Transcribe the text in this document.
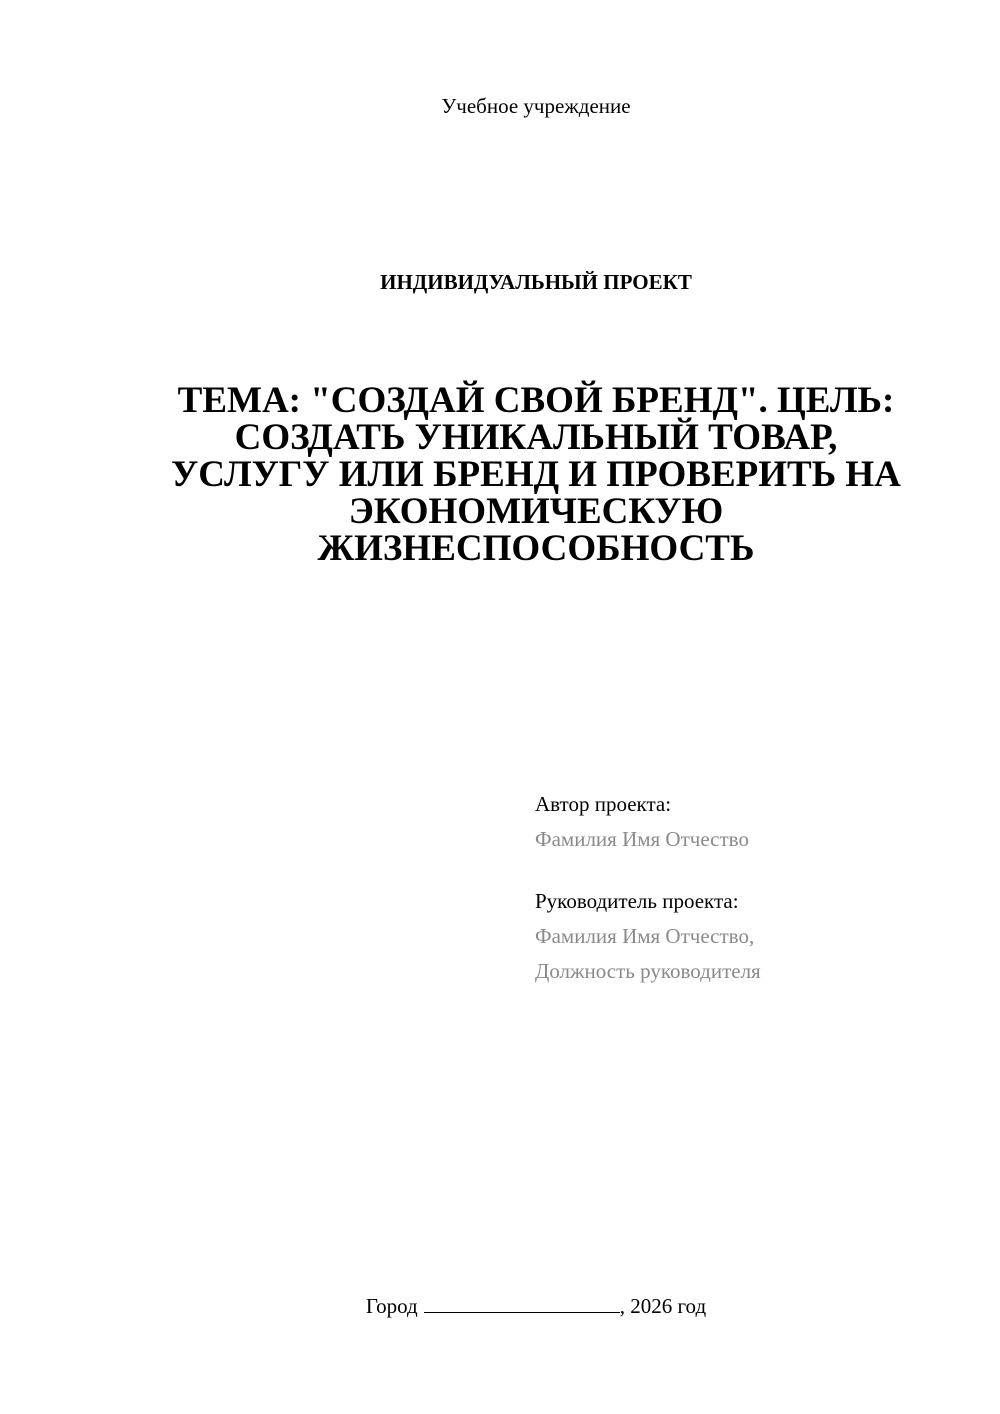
Учебное учреждение
ИНДИВИДУАЛЬНЫЙ ПРОЕКТ
ТЕМА: "СОЗДАЙ СВОЙ БРЕНД". ЦЕЛЬ:
СОЗДАТЬ УНИКАЛЬНЫЙ ТОВАР,
УСЛУГУ ИЛИ БРЕНД И ПРОВЕРИТЬ НА
ЭКОНОМИЧЕСКУЮ
ЖИЗНЕСПОСОБНОСТЬ
Автор проекта:
Фамилия Имя Отчество
Руководитель проекта:
Фамилия Имя Отчество,
Должность руководителя
Город	, 2026 год
